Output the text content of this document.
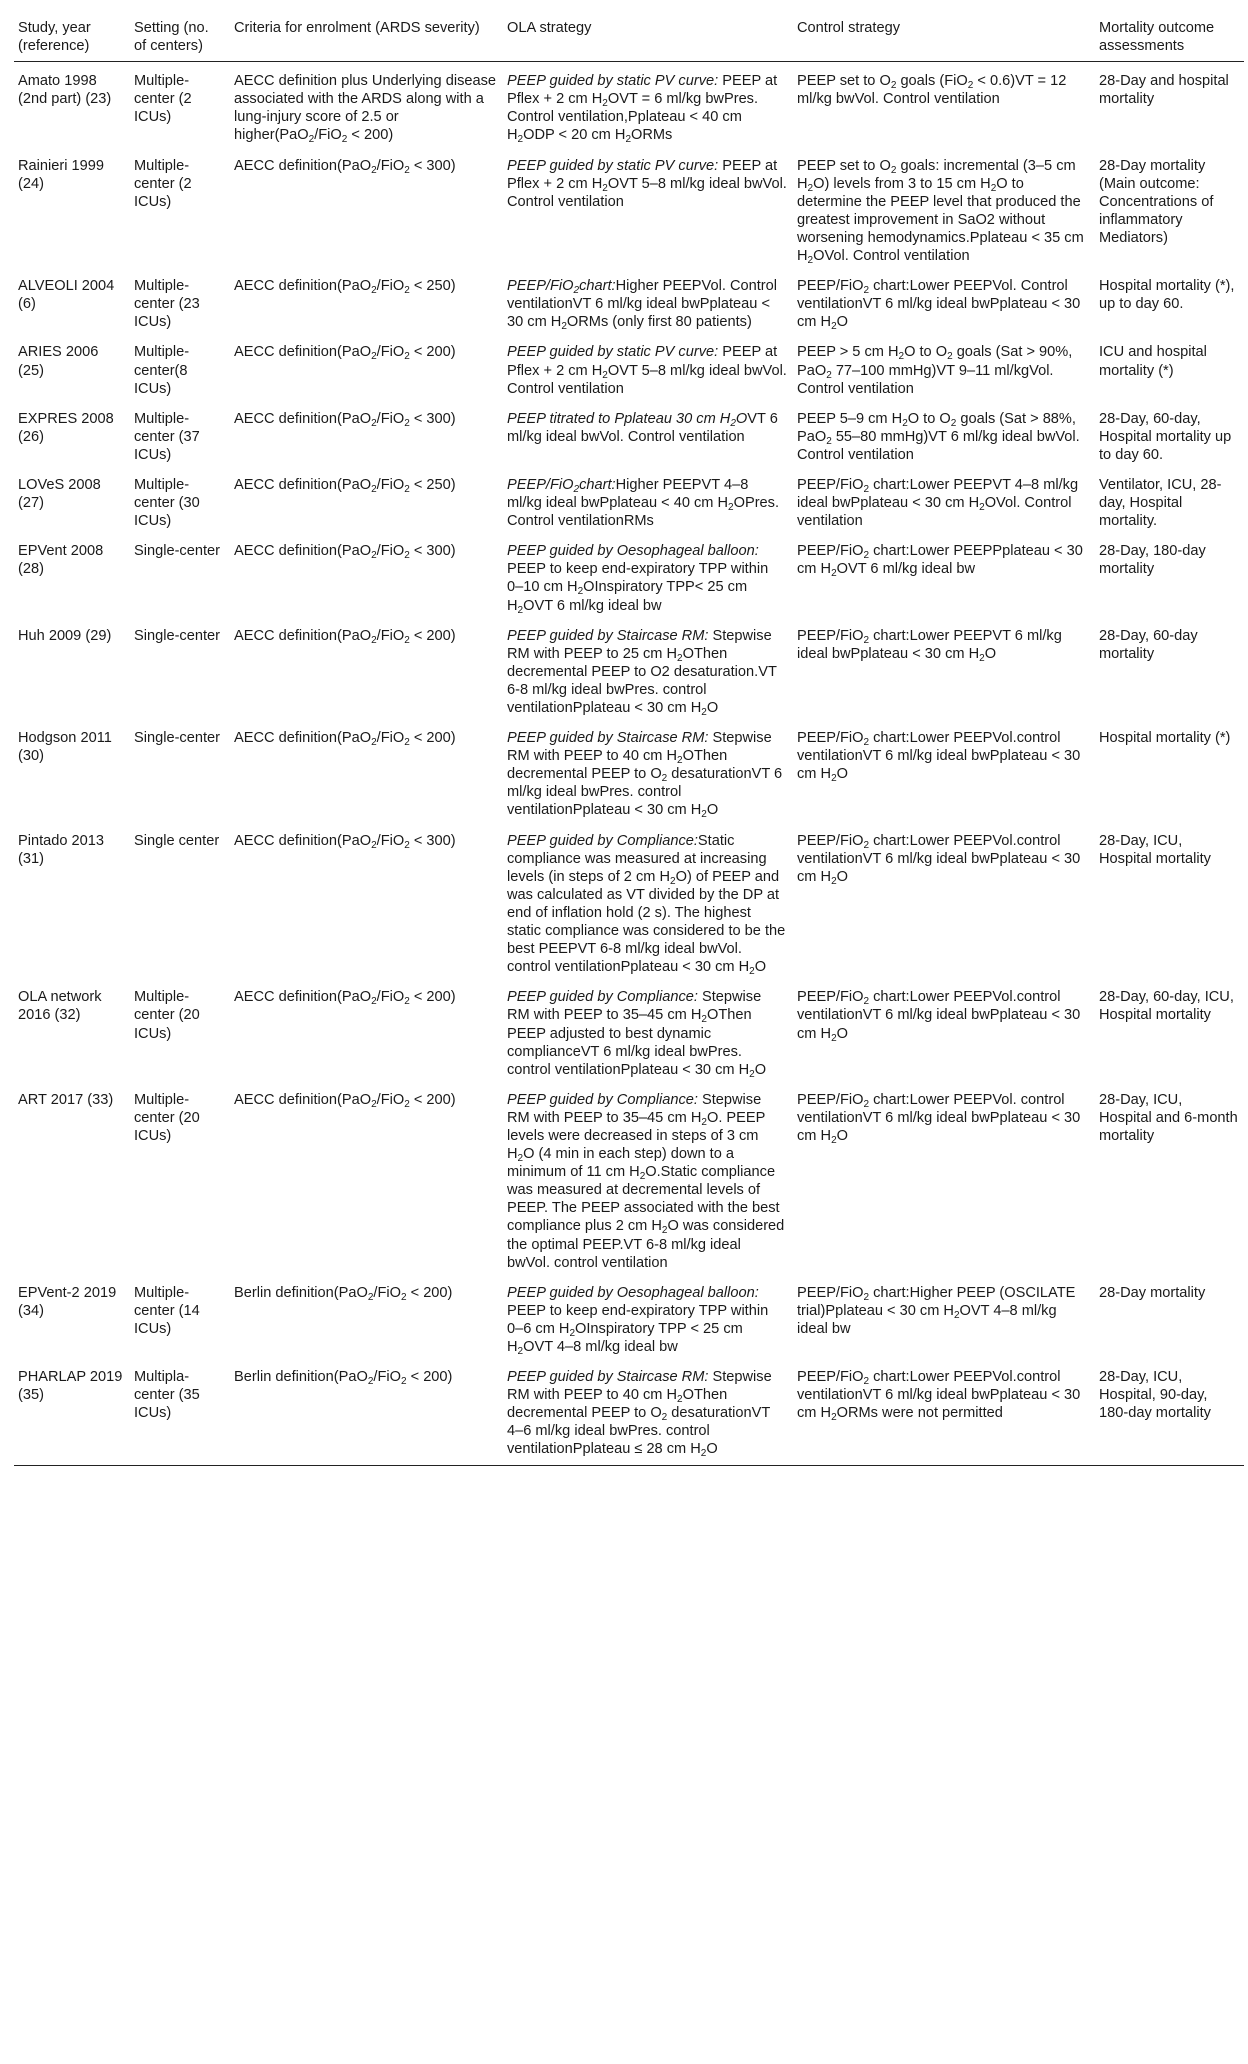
Study, year (reference)	Setting (no. of centers)	Criteria for enrolment (ARDS severity)	OLA strategy	Control strategy	Mortality outcome assessments
Amato 1998 (2nd part) (23)	Multiple-center (2 ICUs)	AECC definition plus Underlying disease associated with the ARDS along with a lung-injury score of 2.5 or higher(PaO$_2$/FiO$_2$ < 200)	PEEP guided by static PV curve: PEEP at Pflex + 2 cm $H_2OVT = 6$ ml/kg bwPres. Control ventilation,Pplateau < 40 cm $H_2ODP < 20$ cm $H_2ORMs$	PEEP set to $O_2$ goals (FiO$_2$ < 0.6)VT = 12 ml/kg bwVol. Control ventilation	28-Day and hospital mortality
Rainieri 1999 (24)	Multiple-center (2 ICUs)	AECC definition(PaO$_2$/FiO$_2$ < 300)	PEEP guided by static PV curve: PEEP at Pflex + 2 cm $H_2OVT$ 5–8 ml/kg ideal bwVol. Control ventilation	PEEP set to $O_2$ goals: incremental (3–5 cm $H_2O$) levels from 3 to 15 cm $H_2O$ to determine the PEEP level that produced the greatest improvement in SaO2 without worsening hemodynamics.Pplateau < 35 cm $H_2OVol$. Control ventilation	28-Day mortality (Main outcome: Concentrations of inflammatory Mediators)
ALVEOLI 2004 (6)	Multiple-center (23 ICUs)	AECC definition(PaO$_2$/FiO$_2$ < 250)	PEEP/FiO$_2$chart:Higher PEEPVol. Control ventilationVT 6 ml/kg ideal bwPplateau < 30 cm $H_2ORMs$ (only first 80 patients)	PEEP/FiO$_2$ chart:Lower PEEPVol. Control ventilationVT 6 ml/kg ideal bwPplateau < 30 cm $H_2O$	Hospital mortality (*), up to day 60.
ARIES 2006 (25)	Multiple-center(8 ICUs)	AECC definition(PaO$_2$/FiO$_2$ < 200)	PEEP guided by static PV curve: PEEP at Pflex + 2 cm $H_2OVT$ 5–8 ml/kg ideal bwVol. Control ventilation	PEEP > 5 cm $H_2O$ to $O_2$ goals (Sat > 90%, PaO$_2$ 77–100 mmHg)VT 9–11 ml/kgVol. Control ventilation	ICU and hospital mortality (*)
EXPRES 2008 (26)	Multiple-center (37 ICUs)	AECC definition(PaO$_2$/FiO$_2$ < 300)	PEEP titrated to Pplateau 30 cm $H_2OVT$ 6 ml/kg ideal bwVol. Control ventilation	PEEP 5–9 cm $H_2O$ to $O_2$ goals (Sat > 88%, PaO$_2$ 55–80 mmHg)VT 6 ml/kg ideal bwVol. Control ventilation	28-Day, 60-day, Hospital mortality up to day 60.
LOVeS 2008 (27)	Multiple-center (30 ICUs)	AECC definition(PaO$_2$/FiO$_2$ < 250)	PEEP/FiO$_2$chart:Higher PEEPVT 4–8 ml/kg ideal bwPplateau < 40 cm $H_2OPres$. Control ventilationRMs	PEEP/FiO$_2$ chart:Lower PEEPVT 4–8 ml/kg ideal bwPplateau < 30 cm $H_2OVol$. Control ventilation	Ventilator, ICU, 28-day, Hospital mortality.
EPVent 2008 (28)	Single-center	AECC definition(PaO$_2$/FiO$_2$ < 300)	PEEP guided by Oesophageal balloon: PEEP to keep end-expiratory TPP within 0–10 cm $H_2OInspiratory$ TPP< 25 cm $H_2OVT$ 6 ml/kg ideal bw	PEEP/FiO$_2$ chart:Lower PEEPPplateau < 30 cm $H_2OVT$ 6 ml/kg ideal bw	28-Day, 180-day mortality
Huh 2009 (29)	Single-center	AECC definition(PaO$_2$/FiO$_2$ < 200)	PEEP guided by Staircase RM: Stepwise RM with PEEP to 25 cm $H_2OThen$ decremental PEEP to O2 desaturation.VT 6-8 ml/kg ideal bwPres. control ventilationPplateau < 30 cm $H_2O$	PEEP/FiO$_2$ chart:Lower PEEPVT 6 ml/kg ideal bwPplateau < 30 cm $H_2O$	28-Day, 60-day mortality
Hodgson 2011 (30)	Single-center	AECC definition(PaO$_2$/FiO$_2$ < 200)	PEEP guided by Staircase RM: Stepwise RM with PEEP to 40 cm $H_2OThen$ decremental PEEP to $O_2$ desaturationVT 6 ml/kg ideal bwPres. control ventilationPplateau < 30 cm $H_2O$	PEEP/FiO$_2$ chart:Lower PEEPVol.control ventilationVT 6 ml/kg ideal bwPplateau < 30 cm $H_2O$	Hospital mortality (*)
Pintado 2013 (31)	Single center	AECC definition(PaO$_2$/FiO$_2$ < 300)	PEEP guided by Compliance:Static compliance was measured at increasing levels (in steps of 2 cm $H_2O$) of PEEP and was calculated as VT divided by the DP at end of inflation hold (2 s). The highest static compliance was considered to be the best PEEPVT 6-8 ml/kg ideal bwVol. control ventilationPplateau < 30 cm $H_2O$	PEEP/FiO$_2$ chart:Lower PEEPVol.control ventilationVT 6 ml/kg ideal bwPplateau < 30 cm $H_2O$	28-Day, ICU, Hospital mortality
OLA network 2016 (32)	Multiple-center (20 ICUs)	AECC definition(PaO$_2$/FiO$_2$ < 200)	PEEP guided by Compliance: Stepwise RM with PEEP to 35–45 cm $H_2OThen$ PEEP adjusted to best dynamic complianceVT 6 ml/kg ideal bwPres. control ventilationPplateau < 30 cm $H_2O$	PEEP/FiO$_2$ chart:Lower PEEPVol.control ventilationVT 6 ml/kg ideal bwPplateau < 30 cm $H_2O$	28-Day, 60-day, ICU, Hospital mortality
ART 2017 (33)	Multiple-center (20 ICUs)	AECC definition(PaO$_2$/FiO$_2$ < 200)	PEEP guided by Compliance: Stepwise RM with PEEP to 35–45 cm $H_2O$. PEEP levels were decreased in steps of 3 cm $H_2O$ (4 min in each step) down to a minimum of 11 cm $H_2O.Static$ compliance was measured at decremental levels of PEEP. The PEEP associated with the best compliance plus 2 cm $H_2O$ was considered the optimal PEEP.VT 6-8 ml/kg ideal bwVol. control ventilation	PEEP/FiO$_2$ chart:Lower PEEPVol. control ventilationVT 6 ml/kg ideal bwPplateau < 30 cm $H_2O$	28-Day, ICU, Hospital and 6-month mortality
EPVent-2 2019 (34)	Multiple-center (14 ICUs)	Berlin definition(PaO$_2$/FiO$_2$ < 200)	PEEP guided by Oesophageal balloon: PEEP to keep end-expiratory TPP within 0–6 cm $H_2OInspiratory$ TPP < 25 cm $H_2OVT$ 4–8 ml/kg ideal bw	PEEP/FiO$_2$ chart:Higher PEEP (OSCILATE trial)Pplateau < 30 cm $H_2OVT$ 4–8 ml/kg ideal bw	28-Day mortality
PHARLAP 2019 (35)	Multipla-center (35 ICUs)	Berlin definition(PaO$_2$/FiO$_2$ < 200)	PEEP guided by Staircase RM: Stepwise RM with PEEP to 40 cm $H_2OThen$ decremental PEEP to $O_2$ desaturationVT 4–6 ml/kg ideal bwPres. control ventilationPplateau ≤ 28 cm $H_2O$	PEEP/FiO$_2$ chart:Lower PEEPVol.control ventilationVT 6 ml/kg ideal bwPplateau < 30 cm $H_2ORMs$ were not permitted	28-Day, ICU, Hospital, 90-day, 180-day mortality
